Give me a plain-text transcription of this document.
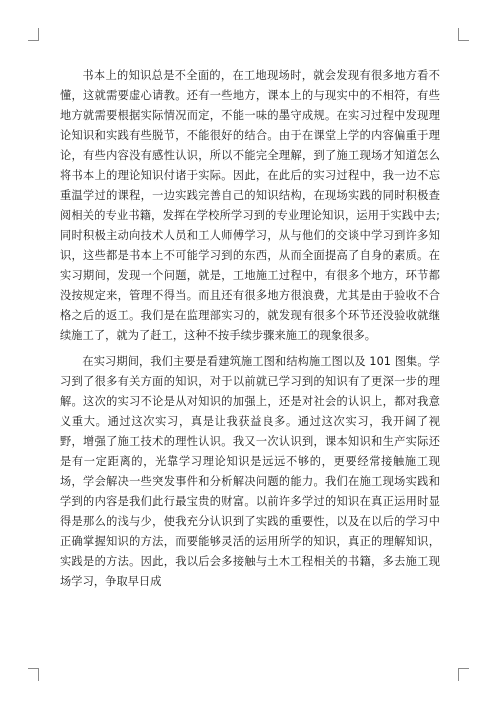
书本上的知识总是不全面的，在工地现场时，就会发现有很多地方看不懂，这就需要虚心请教。还有一些地方，课本上的与现实中的不相符，有些地方就需要根据实际情况而定，不能一味的墨守成规。在实习过程中发现理论知识和实践有些脱节，不能很好的结合。由于在课堂上学的内容偏重于理论，有些内容没有感性认识，所以不能完全理解，到了施工现场才知道怎么将书本上的理论知识付诸于实际。因此，在此后的实习过程中，我一边不忘重温学过的课程，一边实践完善自己的知识结构，在现场实践的同时积极查阅相关的专业书籍，发挥在学校所学习到的专业理论知识，运用于实践中去;同时积极主动向技术人员和工人师傅学习，从与他们的交谈中学习到许多知识，这些都是书本上不可能学习到的东西，从而全面提高了自身的素质。在实习期间，发现一个问题，就是，工地施工过程中，有很多个地方，环节都没按规定来，管理不得当。而且还有很多地方很浪费，尤其是由于验收不合格之后的返工。我们是在监理部实习的，就发现有很多个环节还没验收就继续施工了，就为了赶工，这种不按手续步骤来施工的现象很多。

在实习期间，我们主要是看建筑施工图和结构施工图以及 101 图集。学习到了很多有关方面的知识，对于以前就已学习到的知识有了更深一步的理解。这次的实习不论是从对知识的加强上，还是对社会的认识上，都对我意义重大。通过这次实习，真是让我获益良多。通过这次实习，我开阔了视野，增强了施工技术的理性认识。我又一次认识到，课本知识和生产实际还是有一定距离的，光靠学习理论知识是远远不够的，更要经常接触施工现场，学会解决一些突发事件和分析解决问题的能力。我们在施工现场实践和学到的内容是我们此行最宝贵的财富。以前许多学过的知识在真正运用时显得是那么的浅与少，使我充分认识到了实践的重要性，以及在以后的学习中正确掌握知识的方法，而要能够灵活的运用所学的知识，真正的理解知识，实践是的方法。因此，我以后会多接触与土木工程相关的书籍，多去施工现场学习，争取早日成
